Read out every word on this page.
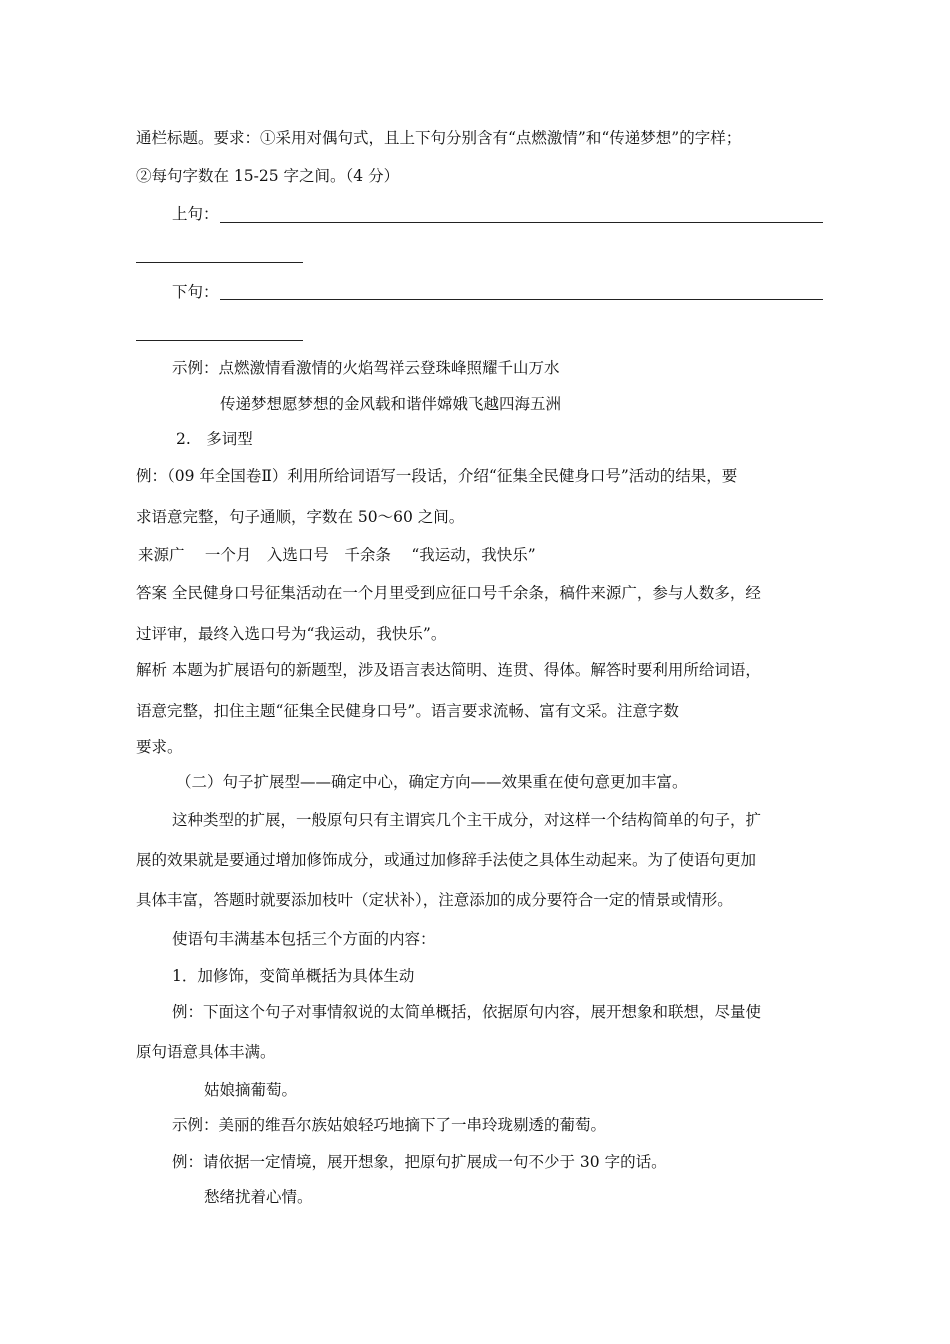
通栏标题。要求：①采用对偶句式，且上下句分别含有“点燃激情”和“传递梦想”的字样；
②每句字数在 15-25 字之间。（4 分）
上句：
下句：
示例：点燃激情看激情的火焰驾祥云登珠峰照耀千山万水
传递梦想愿梦想的金风载和谐伴嫦娥飞越四海五洲
2.　多词型
例：（09 年全国卷Ⅱ）利用所给词语写一段话，介绍“征集全民健身口号”活动的结果，要
求语意完整，句子通顺，字数在 50～60 之间。
来源广　 一个月　入选口号　千余条　 “我运动，我快乐”
答案 全民健身口号征集活动在一个月里受到应征口号千余条，稿件来源广，参与人数多，经
过评审，最终入选口号为“我运动，我快乐”。
解析 本题为扩展语句的新题型，涉及语言表达简明、连贯、得体。解答时要利用所给词语，
语意完整，扣住主题“征集全民健身口号”。语言要求流畅、富有文采。注意字数
要求。
（二）句子扩展型——确定中心，确定方向——效果重在使句意更加丰富。
这种类型的扩展，一般原句只有主谓宾几个主干成分，对这样一个结构简单的句子，扩
展的效果就是要通过增加修饰成分，或通过加修辞手法使之具体生动起来。为了使语句更加
具体丰富，答题时就要添加枝叶（定状补），注意添加的成分要符合一定的情景或情形。
使语句丰满基本包括三个方面的内容：
1．加修饰，变简单概括为具体生动
例：下面这个句子对事情叙说的太简单概括，依据原句内容，展开想象和联想，尽量使
原句语意具体丰满。
姑娘摘葡萄。
示例：美丽的维吾尔族姑娘轻巧地摘下了一串玲珑剔透的葡萄。
例：请依据一定情境，展开想象，把原句扩展成一句不少于 30 字的话。
愁绪扰着心情。
